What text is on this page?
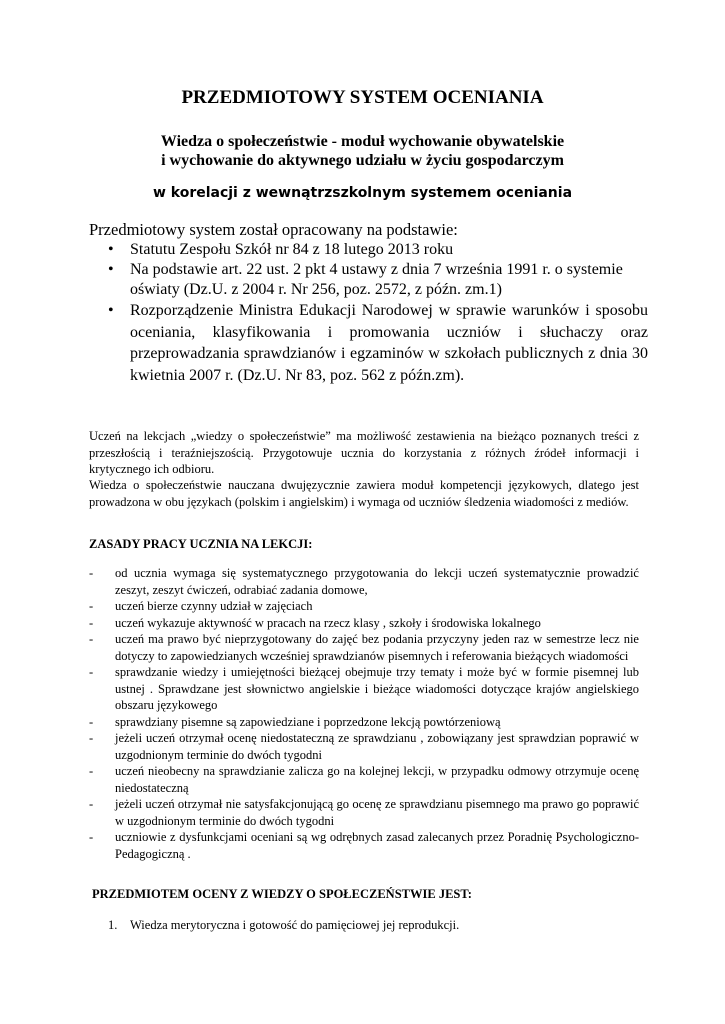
PRZEDMIOTOWY SYSTEM OCENIANIA
Wiedza o społeczeństwie - moduł wychowanie obywatelskie
i wychowanie do aktywnego udziału w życiu gospodarczym
w korelacji z wewnątrzszkolnym systemem oceniania
Przedmiotowy system został opracowany na podstawie:
• Statutu Zespołu Szkół nr 84 z 18 lutego 2013 roku
• Na podstawie art. 22 ust. 2 pkt 4 ustawy z dnia 7 września 1991 r. o systemie oświaty (Dz.U. z 2004 r. Nr 256, poz. 2572, z późn. zm.1)
• Rozporządzenie Ministra Edukacji Narodowej w sprawie warunków i sposobu oceniania, klasyfikowania i promowania uczniów i słuchaczy oraz przeprowadzania sprawdzianów i egzaminów w szkołach publicznych z dnia 30 kwietnia 2007 r. (Dz.U. Nr 83, poz. 562 z późn.zm).
Uczeń na lekcjach „wiedzy o społeczeństwie” ma możliwość zestawienia na bieżąco poznanych treści z przeszłością i teraźniejszością. Przygotowuje ucznia do korzystania z różnych źródeł informacji i krytycznego ich odbioru.
Wiedza o społeczeństwie nauczana dwujęzycznie zawiera moduł kompetencji językowych, dlatego jest prowadzona w obu językach (polskim i angielskim) i wymaga od uczniów śledzenia wiadomości z mediów.
ZASADY PRACY UCZNIA NA LEKCJI:
- od ucznia wymaga się systematycznego przygotowania do lekcji uczeń systematycznie prowadzić zeszyt, zeszyt ćwiczeń, odrabiać zadania domowe,
- uczeń bierze czynny udział w zajęciach
- uczeń wykazuje aktywność w pracach na rzecz klasy , szkoły i środowiska lokalnego
- uczeń ma prawo być nieprzygotowany do zajęć bez podania przyczyny jeden raz w semestrze lecz nie dotyczy to zapowiedzianych wcześniej sprawdzianów pisemnych i referowania bieżących wiadomości
- sprawdzanie wiedzy i umiejętności bieżącej obejmuje trzy tematy i może być w formie pisemnej lub ustnej . Sprawdzane jest słownictwo angielskie i bieżące wiadomości dotyczące krajów angielskiego obszaru językowego
- sprawdziany pisemne są zapowiedziane i poprzedzone lekcją powtórzeniową
- jeżeli uczeń otrzymał ocenę niedostateczną ze sprawdzianu , zobowiązany jest sprawdzian poprawić w uzgodnionym terminie do dwóch tygodni
- uczeń nieobecny na sprawdzianie zalicza go na kolejnej lekcji, w przypadku odmowy otrzymuje ocenę niedostateczną
- jeżeli uczeń otrzymał nie satysfakcjonującą go ocenę ze sprawdzianu pisemnego ma prawo go poprawić w uzgodnionym terminie do dwóch tygodni
- uczniowie z dysfunkcjami oceniani są wg odrębnych zasad zalecanych przez Poradnię Psychologiczno- Pedagogiczną .
PRZEDMIOTEM OCENY Z WIEDZY O SPOŁECZEŃSTWIE JEST:
1. Wiedza merytoryczna i gotowość do pamięciowej jej reprodukcji.
